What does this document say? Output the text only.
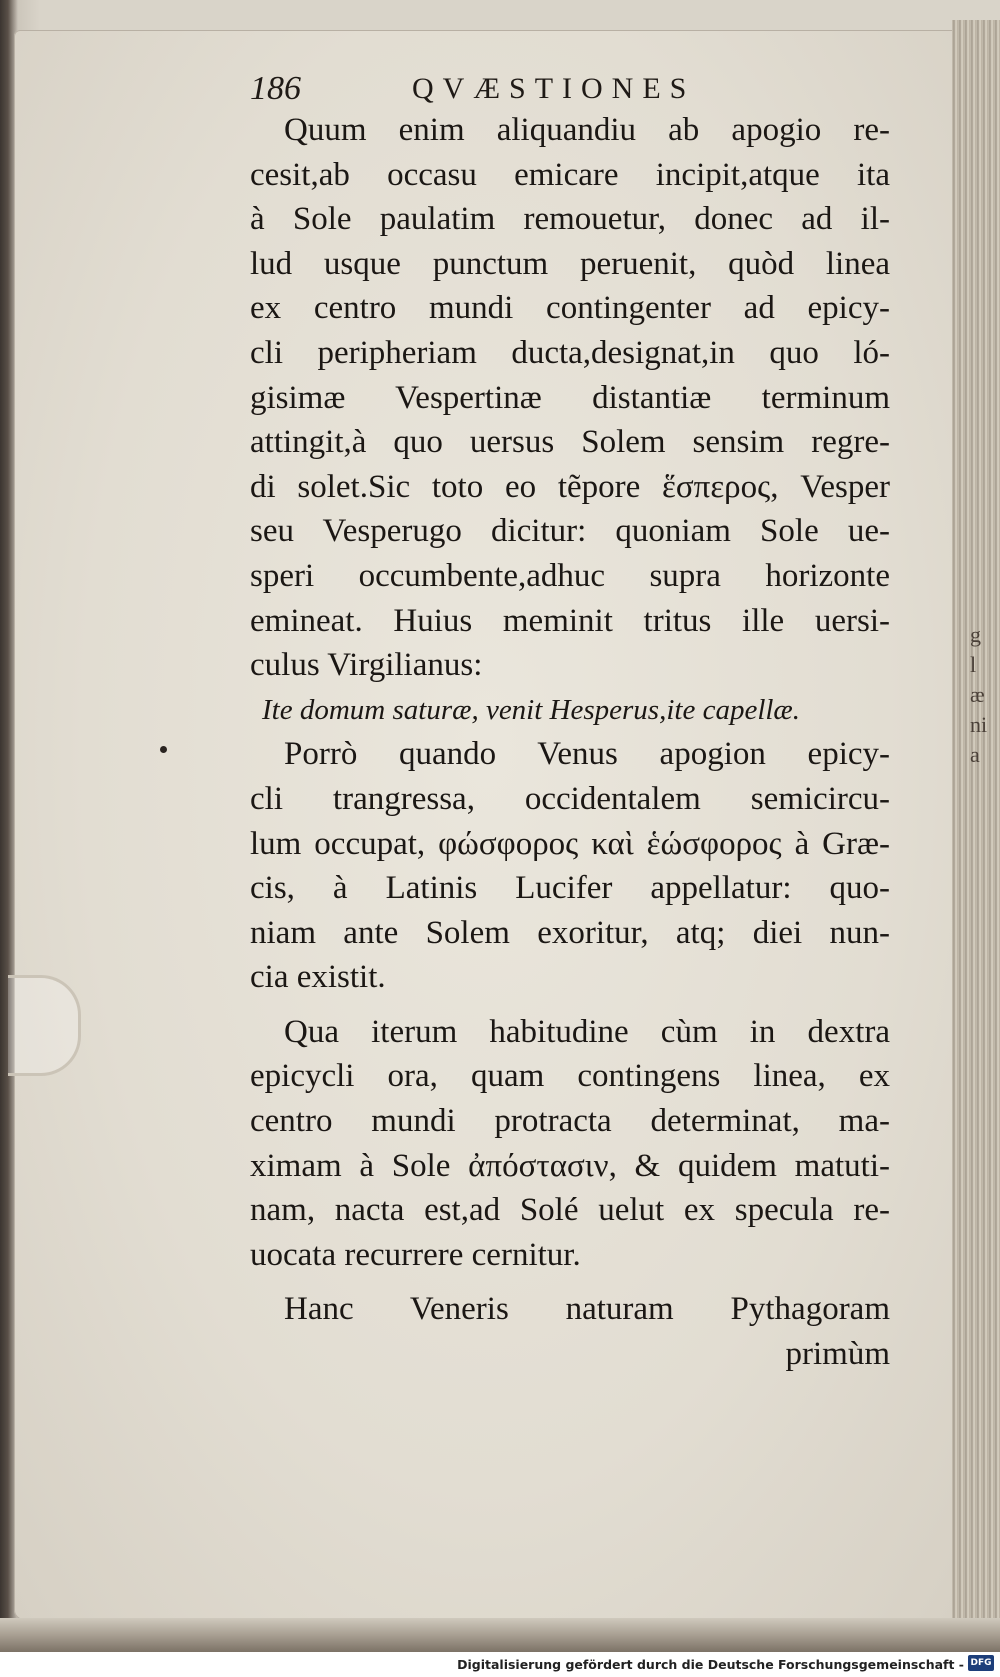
g
l
æ
ni
a
186	QVÆSTIONES
Quum enim aliquandiu ab apogio re-
cesit,ab occasu emicare incipit,atque ita
à Sole paulatim remouetur, donec ad il-
lud usque punctum peruenit, quòd linea
ex centro mundi contingenter ad epicy-
cli peripheriam ducta,designat,in quo ló-
gisimæ Vespertinæ distantiæ terminum
attingit,à quo uersus Solem sensim regre-
di solet.Sic toto eo tẽpore ἕσπερος, Vesper
seu Vesperugo dicitur: quoniam Sole ue-
speri occumbente,adhuc supra horizonte
emineat. Huius meminit tritus ille uersi-
culus Virgilianus:
Ite domum saturæ, venit Hesperus,ite capellæ.
Porrò quando Venus apogion epicy-
cli trangressa, occidentalem semicircu-
lum occupat, φώσφορος καὶ ἑώσφορος à Græ-
cis, à Latinis Lucifer appellatur: quo-
niam ante Solem exoritur, atq; diei nun-
cia existit.
Qua iterum habitudine cùm in dextra
epicycli ora, quam contingens linea, ex
centro mundi protracta determinat, ma-
ximam à Sole ἀπόστασιν, & quidem matuti-
nam, nacta est,ad Solé uelut ex specula re-
uocata recurrere cernitur.
Hanc Veneris naturam Pythagoram
primùm
Digitalisierung gefördert durch die Deutsche Forschungsgemeinschaft - DFG
